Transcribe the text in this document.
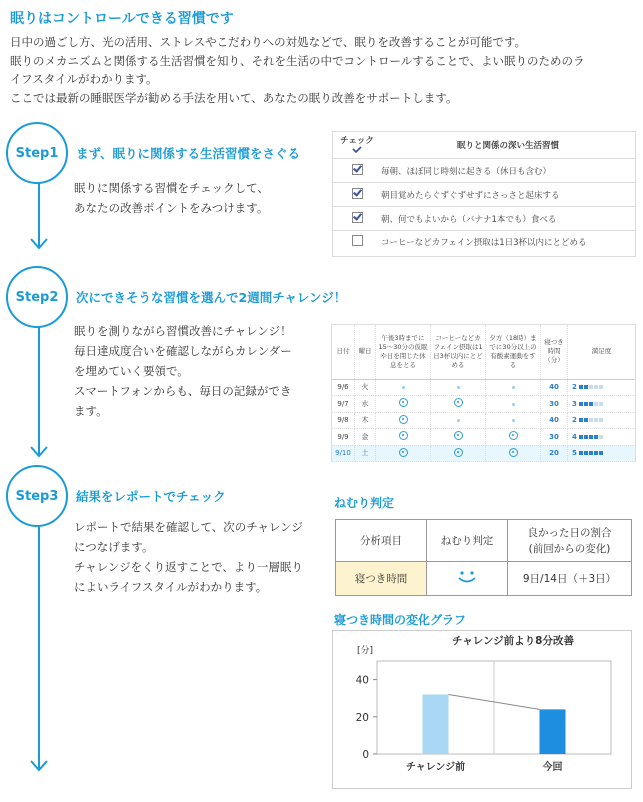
眠りはコントロールできる習慣です
日中の過ごし方、光の活用、ストレスやこだわりへの対処などで、眠りを改善することが可能です。
眠りのメカニズムと関係する生活習慣を知り、それを生活の中でコントロールすることで、よい眠りのためのラ
イフスタイルがわかります。
ここでは最新の睡眠医学が勧める手法を用いて、あなたの眠り改善をサポートします。
Step1	まず、眠りに関係する生活習慣をさぐる
眠りに関係する習慣をチェックして、
あなたの改善ポイントをみつけます。
チェック	眠りと関係の深い生活習慣
	毎朝、ほぼ同じ時刻に起きる（休日も含む）
	朝目覚めたらぐずぐずせずにさっさと起床する
	朝、何でもよいから（バナナ1本でも）食べる
	コーヒーなどカフェイン摂取は1日3杯以内にとどめる
Step2	次にできそうな習慣を選んで2週間チャレンジ！
眠りを測りながら習慣改善にチャレンジ！
毎日達成度合いを確認しながらカレンダー
を埋めていく要領で。
スマートフォンからも、毎日の記録ができ
ます。
日付	曜日	午後3時までに15～30分の仮眠や日を閉じた休息をとる	コーヒーなどカフェイン摂取は1日3杯以内にとどめる	夕方（18時）までに30分以上の有酸素運動をする	寝つき時間（分）	満足度
9/6	火				40	2
9/7	水				30	3
9/8	木				40	2
9/9	金				30	4
9/10	土				20	5
Step3	結果をレポートでチェック
レポートで結果を確認して、次のチャレンジ
につなげます。
チャレンジをくり返すことで、より一層眠り
によいライフスタイルがわかります。
ねむり判定
分析項目	ねむり判定	良かった日の割合
(前回からの変化)
寝つき時間		9日/14日（＋3日）
寝つき時間の変化グラフ
チャレンジ前より8分改善
[分]
0
20
40
チャレンジ前	今回
